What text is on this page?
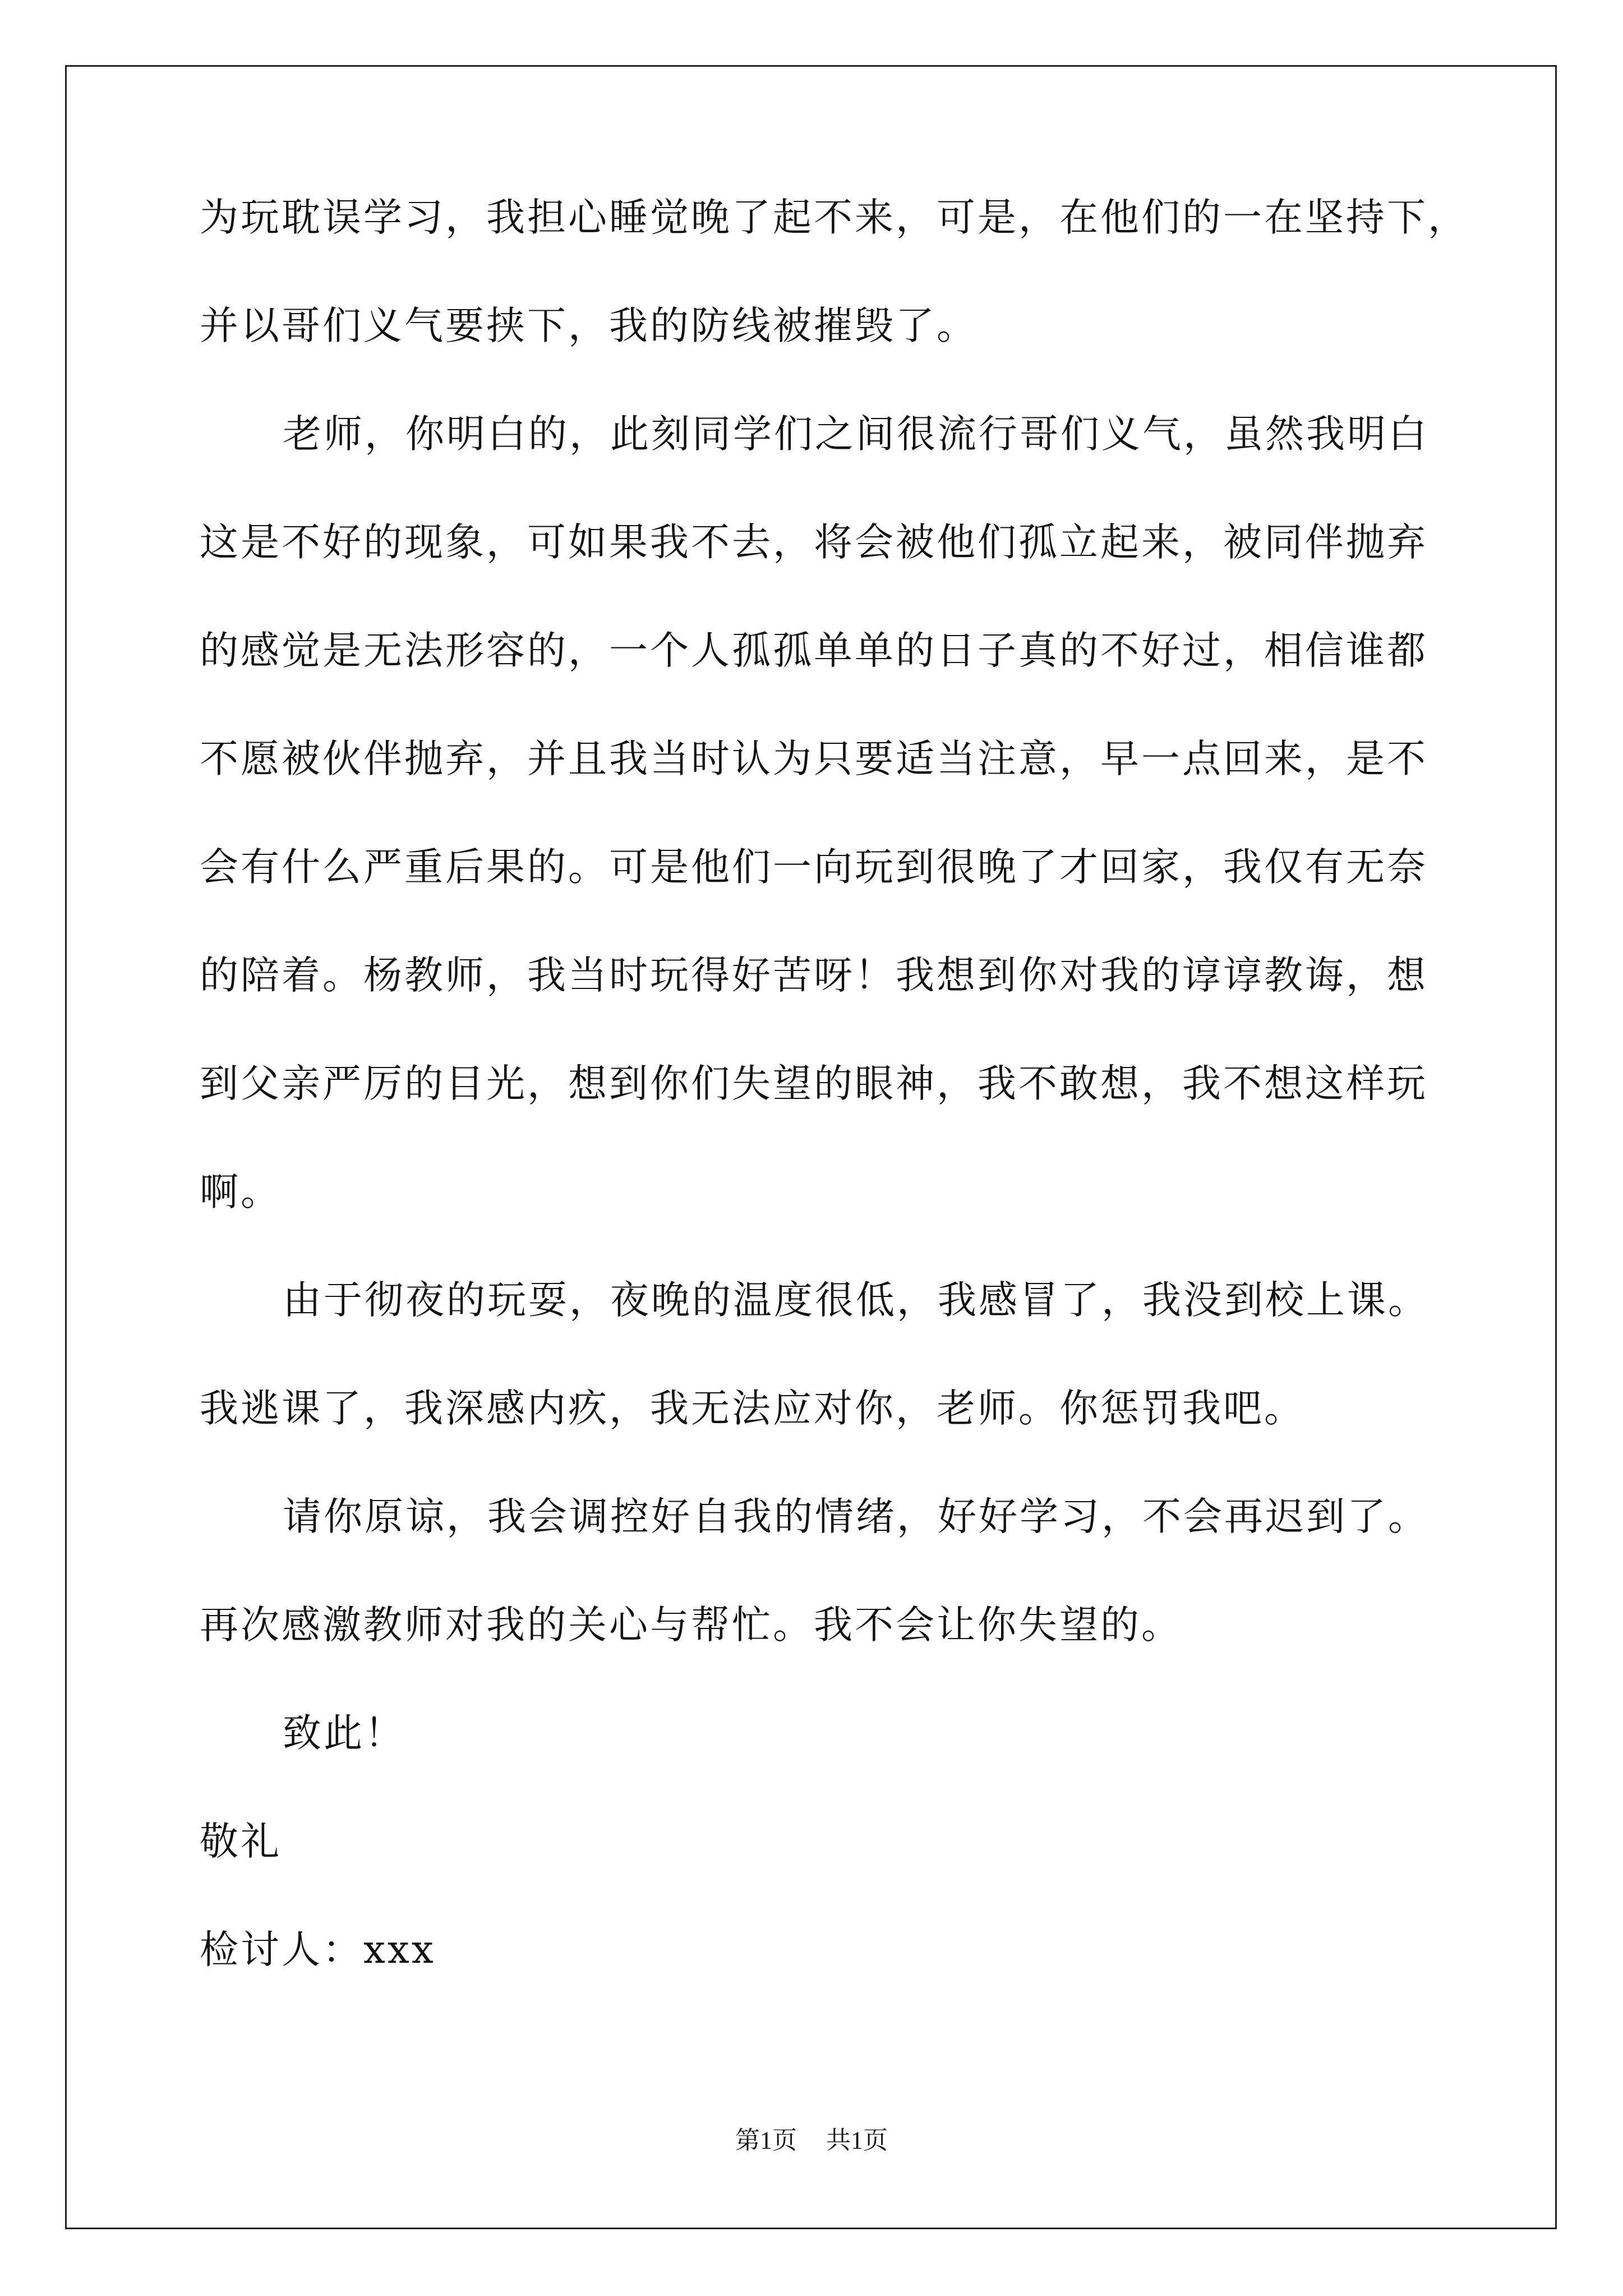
为玩耽误学习，我担心睡觉晚了起不来，可是，在他们的一在坚持下，
并以哥们义气要挟下，我的防线被摧毁了。
老师，你明白的，此刻同学们之间很流行哥们义气，虽然我明白
这是不好的现象，可如果我不去，将会被他们孤立起来，被同伴抛弃
的感觉是无法形容的，一个人孤孤单单的日子真的不好过，相信谁都
不愿被伙伴抛弃，并且我当时认为只要适当注意，早一点回来，是不
会有什么严重后果的。可是他们一向玩到很晚了才回家，我仅有无奈
的陪着。杨教师，我当时玩得好苦呀！我想到你对我的谆谆教诲，想
到父亲严厉的目光，想到你们失望的眼神，我不敢想，我不想这样玩
啊。
由于彻夜的玩耍，夜晚的温度很低，我感冒了，我没到校上课。
我逃课了，我深感内疚，我无法应对你，老师。你惩罚我吧。
请你原谅，我会调控好自我的情绪，好好学习，不会再迟到了。
再次感激教师对我的关心与帮忙。我不会让你失望的。
致此！
敬礼
检讨人：xxx
第1页 共1页
